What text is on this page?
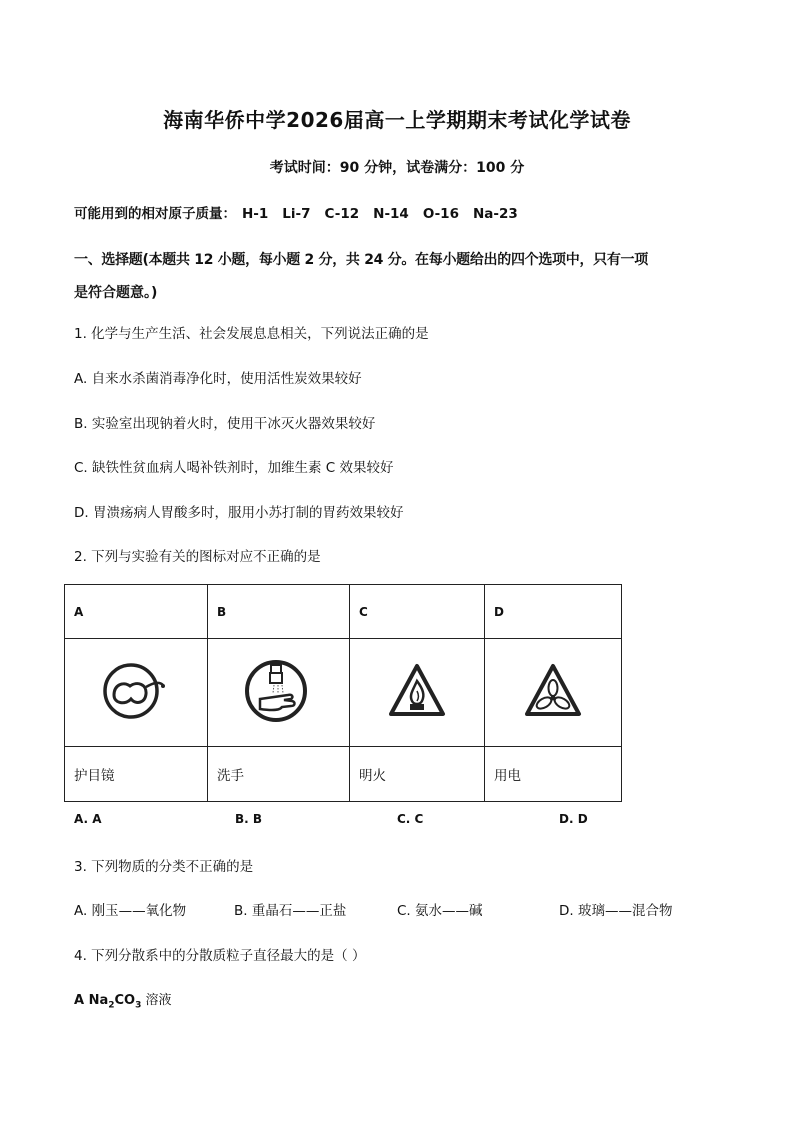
海南华侨中学2026届高一上学期期末考试化学试卷
考试时间：90 分钟，试卷满分：100 分
可能用到的相对原子质量： H-1 Li-7 C-12 N-14 O-16 Na-23
一、选择题(本题共 12 小题，每小题 2 分，共 24 分。在每小题给出的四个选项中，只有一项
是符合题意。)
1. 化学与生产生活、社会发展息息相关，下列说法正确的是
A. 自来水杀菌消毒净化时，使用活性炭效果较好
B. 实验室出现钠着火时，使用干冰灭火器效果较好
C. 缺铁性贫血病人喝补铁剂时，加维生素 C 效果较好
D. 胃溃疡病人胃酸多时，服用小苏打制的胃药效果较好
2. 下列与实验有关的图标对应不正确的是
A	B	C	D

护目镜	洗手	明火	用电
A. A	B. B	C. C	D. D
3. 下列物质的分类不正确的是
A. 刚玉——氧化物	B. 重晶石——正盐	C. 氨水——碱	D. 玻璃——混合物
4. 下列分散系中的分散质粒子直径最大的是（ ）
A $Na_2CO_3$ 溶液
